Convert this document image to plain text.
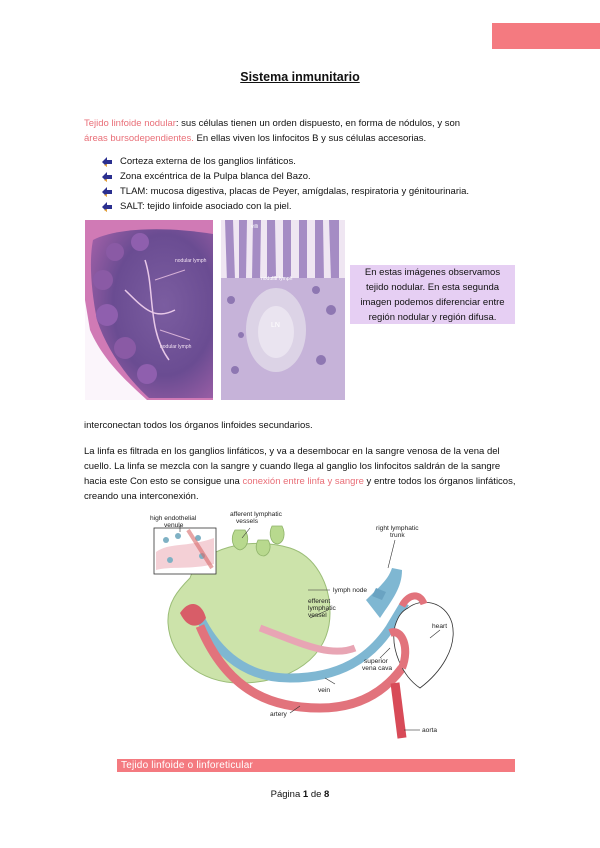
Sistema inmunitario
Tejido linfoide nodular: sus células tienen un orden dispuesto, en forma de nódulos, y son
áreas bursodependientes. En ellas viven los linfocitos B y sus células accesorias.
Corteza externa de los ganglios linfáticos.
Zona excéntrica de la Pulpa blanca del Bazo.
TLAM: mucosa digestiva, placas de Peyer, amígdalas, respiratoria y génitourinaria.
SALT: tejido linfoide asociado con la piel.
nodular lymph
nodular lymph
villi
nodular lymph
LN
En estas imágenes observamos tejido nodular. En esta segunda imagen podemos diferenciar entre región nodular y región difusa.
interconectan todos los órganos linfoides secundarios.
La linfa es filtrada en los ganglios linfáticos, y va a desembocar en la sangre venosa de la vena del cuello. La linfa se mezcla con la sangre y cuando llega al ganglio los linfocitos saldrán de la sangre hacia este Con esto se consigue una conexión entre linfa y sangre y entre todos los órganos linfáticos, creando una interconexión.
high endothelial
venule
afferent lymphatic
vessels
right lymphatic
trunk
lymph node
efferent
lymphatic
vessel
heart
superior
vena cava
vein
artery
aorta
Tejido linfoide o linforeticular
Página 1 de 8
